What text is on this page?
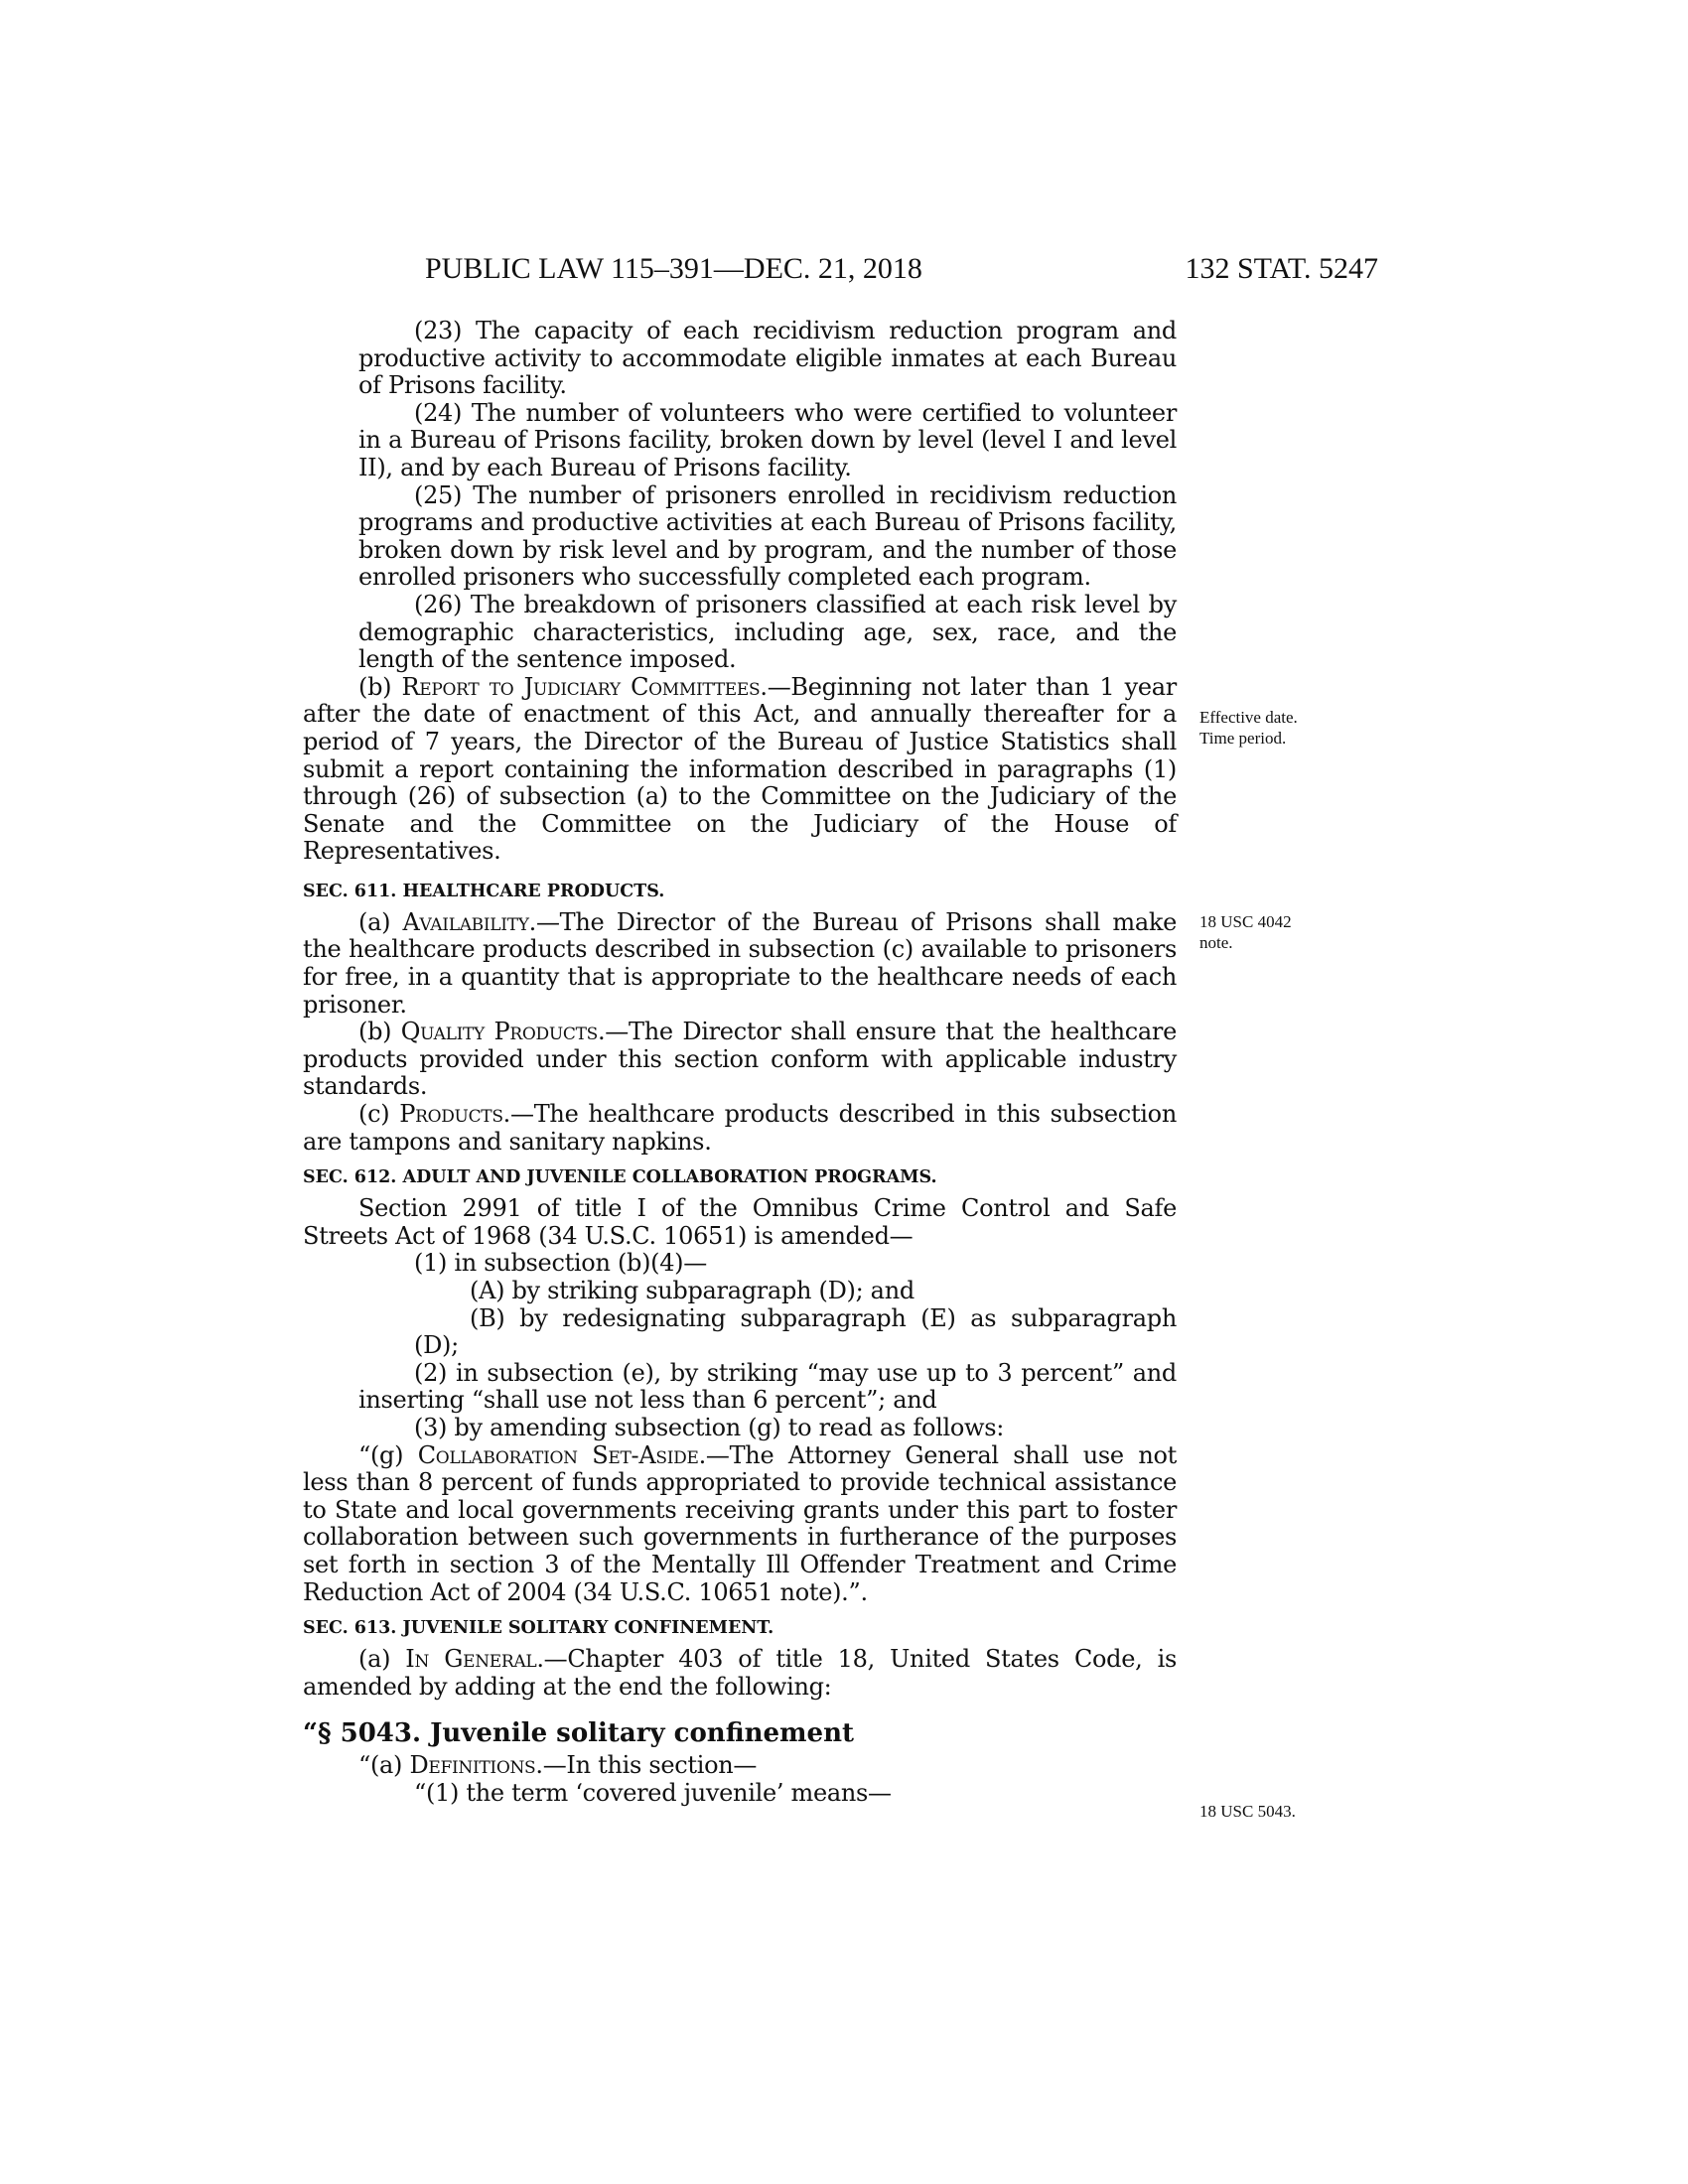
PUBLIC LAW 115–391—DEC. 21, 2018	132 STAT. 5247

(23) The capacity of each recidivism reduction program and productive activity to accommodate eligible inmates at each Bureau of Prisons facility.

(24) The number of volunteers who were certified to volunteer in a Bureau of Prisons facility, broken down by level (level I and level II), and by each Bureau of Prisons facility.

(25) The number of prisoners enrolled in recidivism reduction programs and productive activities at each Bureau of Prisons facility, broken down by risk level and by program, and the number of those enrolled prisoners who successfully completed each program.

(26) The breakdown of prisoners classified at each risk level by demographic characteristics, including age, sex, race, and the length of the sentence imposed.

(b) Report to Judiciary Committees.—Beginning not later than 1 year after the date of enactment of this Act, and annually thereafter for a period of 7 years, the Director of the Bureau of Justice Statistics shall submit a report containing the information described in paragraphs (1) through (26) of subsection (a) to the Committee on the Judiciary of the Senate and the Committee on the Judiciary of the House of Representatives.

SEC. 611. HEALTHCARE PRODUCTS.

(a) Availability.—The Director of the Bureau of Prisons shall make the healthcare products described in subsection (c) available to prisoners for free, in a quantity that is appropriate to the healthcare needs of each prisoner.

(b) Quality Products.—The Director shall ensure that the healthcare products provided under this section conform with applicable industry standards.

(c) Products.—The healthcare products described in this subsection are tampons and sanitary napkins.

SEC. 612. ADULT AND JUVENILE COLLABORATION PROGRAMS.

Section 2991 of title I of the Omnibus Crime Control and Safe Streets Act of 1968 (34 U.S.C. 10651) is amended—

(1) in subsection (b)(4)—

(A) by striking subparagraph (D); and

(B) by redesignating subparagraph (E) as subparagraph (D);

(2) in subsection (e), by striking “may use up to 3 percent” and inserting “shall use not less than 6 percent”; and

(3) by amending subsection (g) to read as follows:

“(g) Collaboration Set-Aside.—The Attorney General shall use not less than 8 percent of funds appropriated to provide technical assistance to State and local governments receiving grants under this part to foster collaboration between such governments in furtherance of the purposes set forth in section 3 of the Mentally Ill Offender Treatment and Crime Reduction Act of 2004 (34 U.S.C. 10651 note).”.

SEC. 613. JUVENILE SOLITARY CONFINEMENT.

(a) In General.—Chapter 403 of title 18, United States Code, is amended by adding at the end the following:

“§ 5043. Juvenile solitary confinement

“(a) Definitions.—In this section—

“(1) the term ‘covered juvenile’ means—

Effective date.
Time period.
18 USC 4042
note.
18 USC 5043.
